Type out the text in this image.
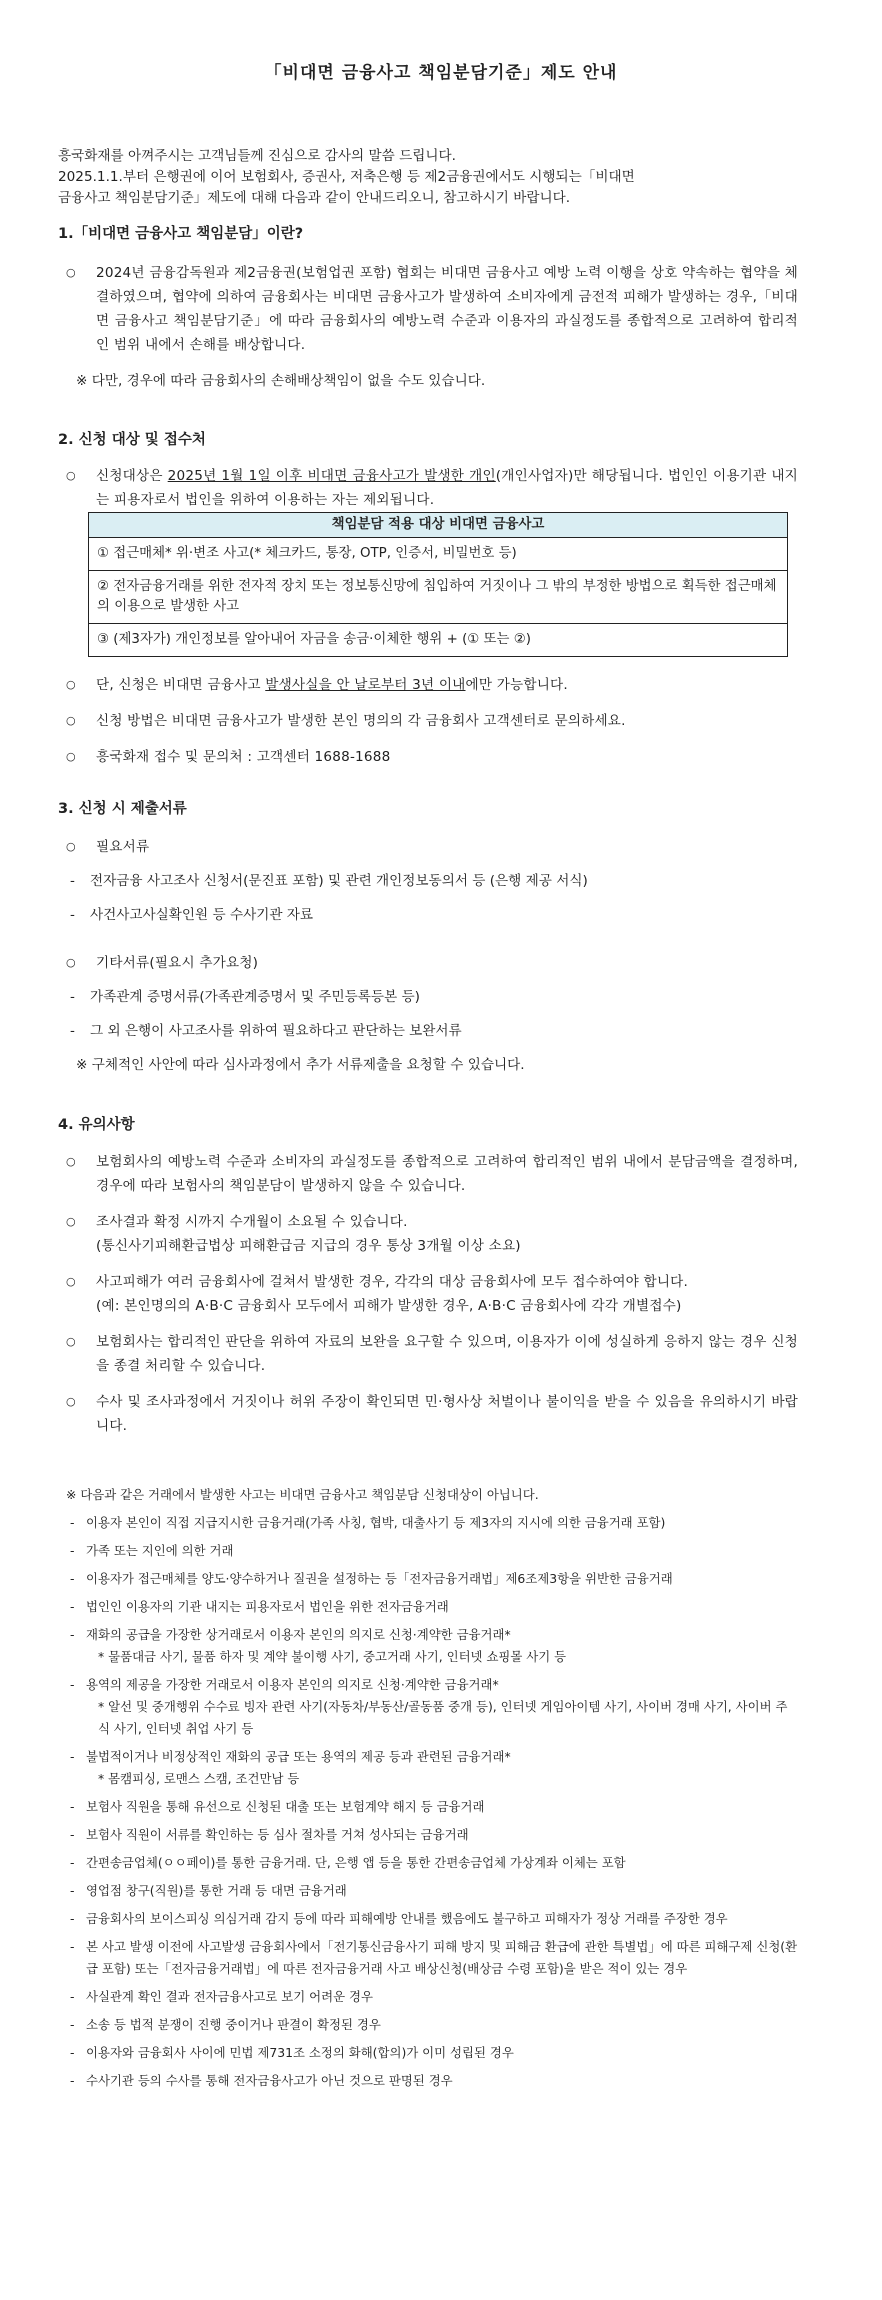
「비대면 금융사고 책임분담기준」제도 안내

흥국화재를 아껴주시는 고객님들께 진심으로 감사의 말씀 드립니다.

2025.1.1.부터 은행권에 이어 보험회사, 증권사, 저축은행 등 제2금융권에서도 시행되는「비대면

금융사고 책임분담기준」제도에 대해 다음과 같이 안내드리오니, 참고하시기 바랍니다.

1.「비대면 금융사고 책임분담」이란?
○	2024년 금융감독원과 제2금융권(보험업권 포함) 협회는 비대면 금융사고 예방 노력 이행을 상호 약속하는 협약을 체결하였으며, 협약에 의하여 금융회사는 비대면 금융사고가 발생하여 소비자에게 금전적 피해가 발생하는 경우,「비대면 금융사고 책임분담기준」에 따라 금융회사의 예방노력 수준과 이용자의 과실정도를 종합적으로 고려하여 합리적인 범위 내에서 손해를 배상합니다.
※ 다만, 경우에 따라 금융회사의 손해배상책임이 없을 수도 있습니다.
2. 신청 대상 및 접수처
○	신청대상은 2025년 1월 1일 이후 비대면 금융사고가 발생한 개인(개인사업자)만 해당됩니다. 법인인 이용기관 내지는 피용자로서 법인을 위하여 이용하는 자는 제외됩니다.
책임분담 적용 대상 비대면 금융사고
① 접근매체* 위·변조 사고(* 체크카드, 통장, OTP, 인증서, 비밀번호 등)
② 전자금융거래를 위한 전자적 장치 또는 정보통신망에 침입하여 거짓이나 그 밖의 부정한 방법으로 획득한 접근매체의 이용으로 발생한 사고
③ (제3자가) 개인정보를 알아내어 자금을 송금·이체한 행위 + (① 또는 ②)
○	단, 신청은 비대면 금융사고 발생사실을 안 날로부터 3년 이내에만 가능합니다.
○	신청 방법은 비대면 금융사고가 발생한 본인 명의의 각 금융회사 고객센터로 문의하세요.
○	흥국화재 접수 및 문의처 : 고객센터 1688-1688
3. 신청 시 제출서류
○	필요서류
-	전자금융 사고조사 신청서(문진표 포함) 및 관련 개인정보동의서 등 (은행 제공 서식)
-	사건사고사실확인원 등 수사기관 자료
○	기타서류(필요시 추가요청)
-	가족관계 증명서류(가족관계증명서 및 주민등록등본 등)
-	그 외 은행이 사고조사를 위하여 필요하다고 판단하는 보완서류
※ 구체적인 사안에 따라 심사과정에서 추가 서류제출을 요청할 수 있습니다.
4. 유의사항
○	보험회사의 예방노력 수준과 소비자의 과실정도를 종합적으로 고려하여 합리적인 범위 내에서 분담금액을 결정하며, 경우에 따라 보험사의 책임분담이 발생하지 않을 수 있습니다.
○	조사결과 확정 시까지 수개월이 소요될 수 있습니다.
(통신사기피해환급법상 피해환급금 지급의 경우 통상 3개월 이상 소요)
○	사고피해가 여러 금융회사에 걸쳐서 발생한 경우, 각각의 대상 금융회사에 모두 접수하여야 합니다.
(예: 본인명의의 A·B·C 금융회사 모두에서 피해가 발생한 경우, A·B·C 금융회사에 각각 개별접수)
○	보험회사는 합리적인 판단을 위하여 자료의 보완을 요구할 수 있으며, 이용자가 이에 성실하게 응하지 않는 경우 신청을 종결 처리할 수 있습니다.
○	수사 및 조사과정에서 거짓이나 허위 주장이 확인되면 민·형사상 처벌이나 불이익을 받을 수 있음을 유의하시기 바랍니다.
※ 다음과 같은 거래에서 발생한 사고는 비대면 금융사고 책임분담 신청대상이 아닙니다.
- 이용자 본인이 직접 지급지시한 금융거래(가족 사칭, 협박, 대출사기 등 제3자의 지시에 의한 금융거래 포함)
- 가족 또는 지인에 의한 거래
- 이용자가 접근매체를 양도·양수하거나 질권을 설정하는 등「전자금융거래법」제6조제3항을 위반한 금융거래
- 법인인 이용자의 기관 내지는 피용자로서 법인을 위한 전자금융거래
- 재화의 공급을 가장한 상거래로서 이용자 본인의 의지로 신청·계약한 금융거래*
* 물품대금 사기, 물품 하자 및 계약 불이행 사기, 중고거래 사기, 인터넷 쇼핑몰 사기 등
- 용역의 제공을 가장한 거래로서 이용자 본인의 의지로 신청·계약한 금융거래*
* 알선 및 중개행위 수수료 빙자 관련 사기(자동차/부동산/골동품 중개 등), 인터넷 게임아이템 사기, 사이버 경매 사기, 사이버 주식 사기, 인터넷 취업 사기 등
- 불법적이거나 비정상적인 재화의 공급 또는 용역의 제공 등과 관련된 금융거래*
* 몸캠피싱, 로맨스 스캠, 조건만남 등
- 보험사 직원을 통해 유선으로 신청된 대출 또는 보험계약 해지 등 금융거래
- 보험사 직원이 서류를 확인하는 등 심사 절차를 거쳐 성사되는 금융거래
- 간편송금업체(ㅇㅇ페이)를 통한 금융거래. 단, 은행 앱 등을 통한 간편송금업체 가상계좌 이체는 포함
- 영업점 창구(직원)를 통한 거래 등 대면 금융거래
- 금융회사의 보이스피싱 의심거래 감지 등에 따라 피해예방 안내를 했음에도 불구하고 피해자가 정상 거래를 주장한 경우
- 본 사고 발생 이전에 사고발생 금융회사에서「전기통신금융사기 피해 방지 및 피해금 환급에 관한 특별법」에 따른 피해구제 신청(환급 포함) 또는「전자금융거래법」에 따른 전자금융거래 사고 배상신청(배상금 수령 포함)을 받은 적이 있는 경우
- 사실관계 확인 결과 전자금융사고로 보기 어려운 경우
- 소송 등 법적 분쟁이 진행 중이거나 판결이 확정된 경우
- 이용자와 금융회사 사이에 민법 제731조 소정의 화해(합의)가 이미 성립된 경우
- 수사기관 등의 수사를 통해 전자금융사고가 아닌 것으로 판명된 경우
